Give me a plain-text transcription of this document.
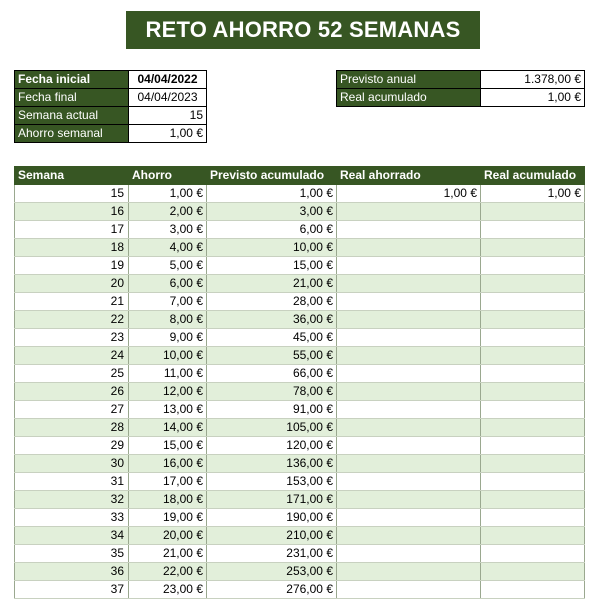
RETO AHORRO 52 SEMANAS
Fecha inicial	04/04/2022
Fecha final	04/04/2023
Semana actual	15
Ahorro semanal	1,00 €
Previsto anual	1.378,00 €
Real acumulado	1,00 €
Semana	Ahorro	Previsto acumulado	Real ahorrado	Real acumulado
15	1,00 €	1,00 €	1,00 €	1,00 €
16	2,00 €	3,00 €		
17	3,00 €	6,00 €		
18	4,00 €	10,00 €		
19	5,00 €	15,00 €		
20	6,00 €	21,00 €		
21	7,00 €	28,00 €		
22	8,00 €	36,00 €		
23	9,00 €	45,00 €		
24	10,00 €	55,00 €		
25	11,00 €	66,00 €		
26	12,00 €	78,00 €		
27	13,00 €	91,00 €		
28	14,00 €	105,00 €		
29	15,00 €	120,00 €		
30	16,00 €	136,00 €		
31	17,00 €	153,00 €		
32	18,00 €	171,00 €		
33	19,00 €	190,00 €		
34	20,00 €	210,00 €		
35	21,00 €	231,00 €		
36	22,00 €	253,00 €		
37	23,00 €	276,00 €		
